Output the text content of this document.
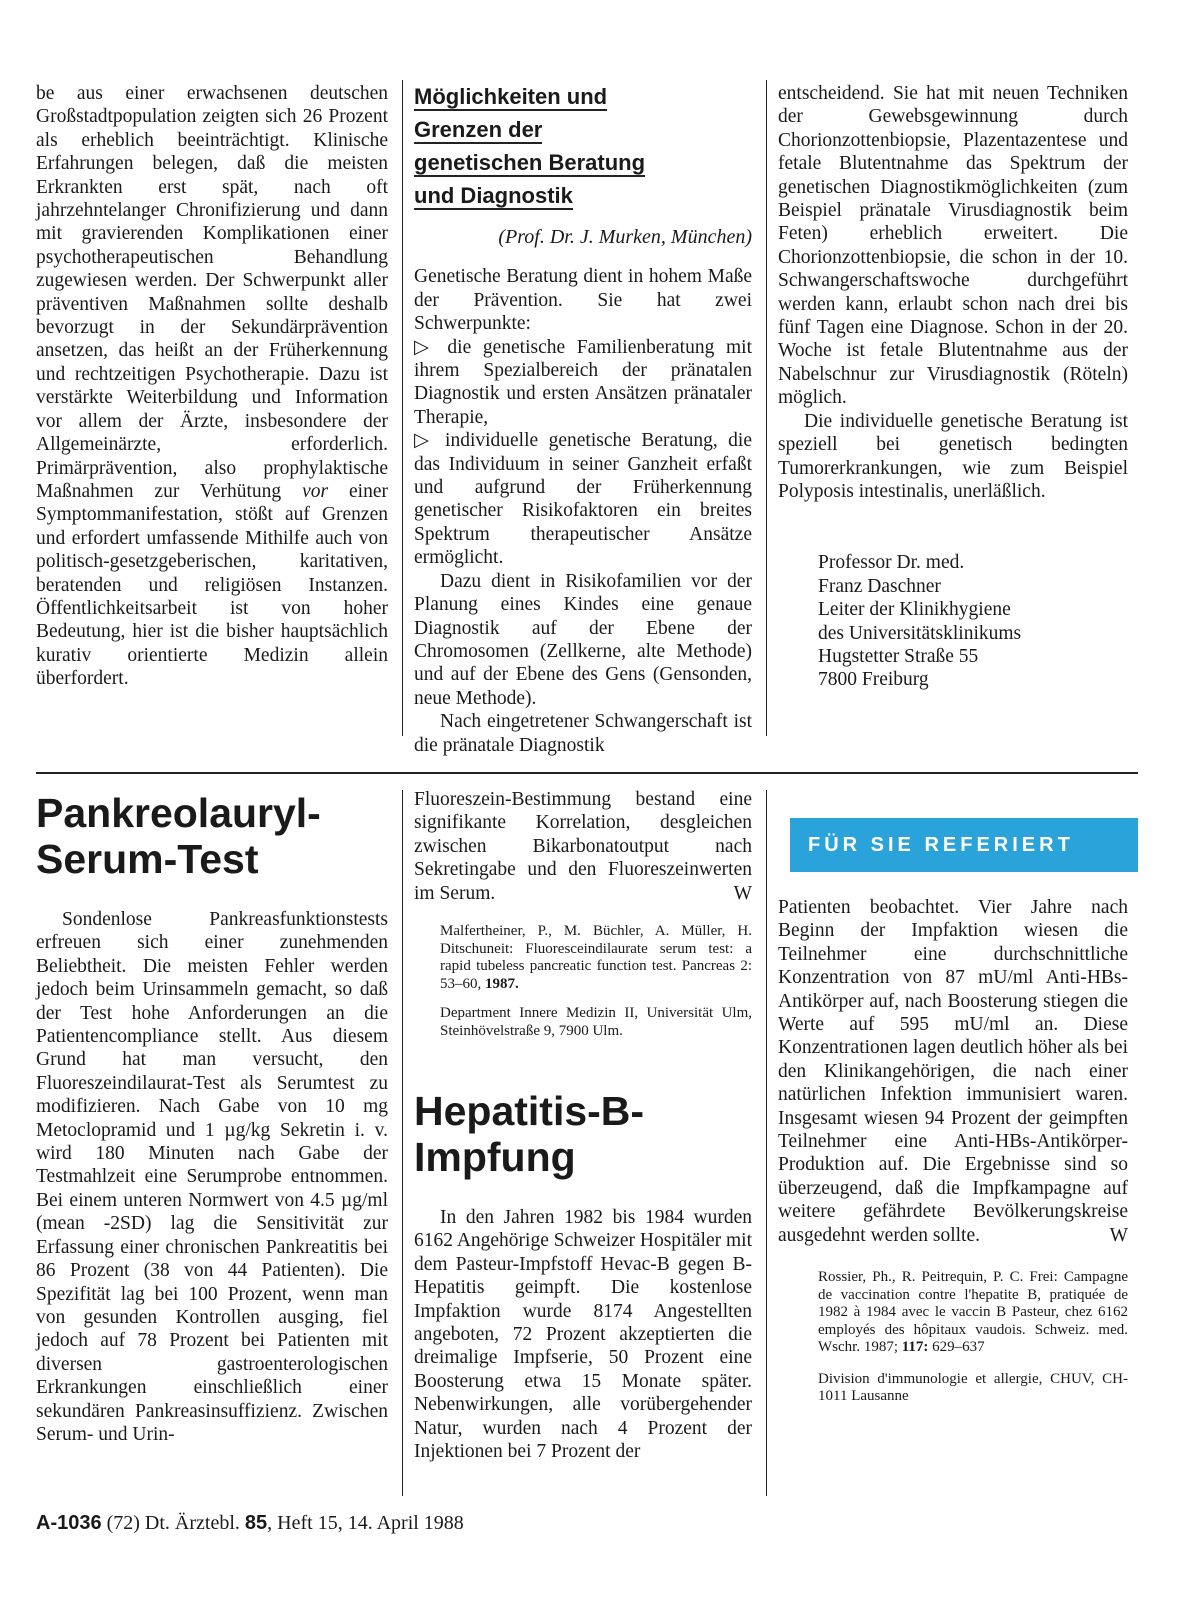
be aus einer erwachsenen deutschen Großstadtpopulation zeigten sich 26 Prozent als erheblich beeinträchtigt. Klinische Erfahrungen belegen, daß die meisten Erkrankten erst spät, nach oft jahrzehntelanger Chronifizierung und dann mit gravierenden Komplikationen einer psychotherapeutischen Behandlung zugewiesen werden. Der Schwerpunkt aller präventiven Maßnahmen sollte deshalb bevorzugt in der Sekundärprävention ansetzen, das heißt an der Früherkennung und rechtzeitigen Psychotherapie. Dazu ist verstärkte Weiterbildung und Information vor allem der Ärzte, insbesondere der Allgemeinärzte, erforderlich. Primärprävention, also prophylaktische Maßnahmen zur Verhütung vor einer Symptommanifestation, stößt auf Grenzen und erfordert umfassende Mithilfe auch von politisch-gesetzgeberischen, karitativen, beratenden und religiösen Instanzen. Öffentlichkeitsarbeit ist von hoher Bedeutung, hier ist die bisher hauptsächlich kurativ orientierte Medizin allein überfordert.

Möglichkeiten und
Grenzen der
genetischen Beratung
und Diagnostik
(Prof. Dr. J. Murken, München)

Genetische Beratung dient in hohem Maße der Prävention. Sie hat zwei Schwerpunkte:

▷ die genetische Familienberatung mit ihrem Spezialbereich der pränatalen Diagnostik und ersten Ansätzen pränataler Therapie,

▷ individuelle genetische Beratung, die das Individuum in seiner Ganzheit erfaßt und aufgrund der Früherkennung genetischer Risikofaktoren ein breites Spektrum therapeutischer Ansätze ermöglicht.

Dazu dient in Risikofamilien vor der Planung eines Kindes eine genaue Diagnostik auf der Ebene der Chromosomen (Zellkerne, alte Methode) und auf der Ebene des Gens (Gensonden, neue Methode).

Nach eingetretener Schwangerschaft ist die pränatale Diagnostik

entscheidend. Sie hat mit neuen Techniken der Gewebsgewinnung durch Chorionzottenbiopsie, Plazentazentese und fetale Blutentnahme das Spektrum der genetischen Diagnostikmöglichkeiten (zum Beispiel pränatale Virusdiagnostik beim Feten) erheblich erweitert. Die Chorionzottenbiopsie, die schon in der 10. Schwangerschaftswoche durchgeführt werden kann, erlaubt schon nach drei bis fünf Tagen eine Diagnose. Schon in der 20. Woche ist fetale Blutentnahme aus der Nabelschnur zur Virusdiagnostik (Röteln) möglich.

Die individuelle genetische Beratung ist speziell bei genetisch bedingten Tumorerkrankungen, wie zum Beispiel Polyposis intestinalis, unerläßlich.

Professor Dr. med.
Franz Daschner
Leiter der Klinikhygiene
des Universitätsklinikums
Hugstetter Straße 55
7800 Freiburg
Pankreolauryl-
Serum-Test

Sondenlose Pankreasfunktionstests erfreuen sich einer zunehmenden Beliebtheit. Die meisten Fehler werden jedoch beim Urinsammeln gemacht, so daß der Test hohe Anforderungen an die Patientencompliance stellt. Aus diesem Grund hat man versucht, den Fluoreszeindilaurat-Test als Serumtest zu modifizieren. Nach Gabe von 10 mg Metoclopramid und 1 µg/kg Sekretin i. v. wird 180 Minuten nach Gabe der Testmahlzeit eine Serumprobe entnommen. Bei einem unteren Normwert von 4.5 µg/ml (mean -2SD) lag die Sensitivität zur Erfassung einer chronischen Pankreatitis bei 86 Prozent (38 von 44 Patienten). Die Spezifität lag bei 100 Prozent, wenn man von gesunden Kontrollen ausging, fiel jedoch auf 78 Prozent bei Patienten mit diversen gastroenterologischen Erkrankungen einschließlich einer sekundären Pankreasinsuffizienz. Zwischen Serum- und Urin-

Fluoreszein-Bestimmung bestand eine signifikante Korrelation, desgleichen zwischen Bikarbonatoutput nach Sekretingabe und den Fluoreszeinwerten im Serum.	W

Malfertheiner, P., M. Büchler, A. Müller, H. Ditschuneit: Fluoresceindilaurate serum test: a rapid tubeless pancreatic function test. Pancreas 2: 53–60, 1987.

Department Innere Medizin II, Universität Ulm, Steinhövelstraße 9, 7900 Ulm.

Hepatitis-B-
Impfung

In den Jahren 1982 bis 1984 wurden 6162 Angehörige Schweizer Hospitäler mit dem Pasteur-Impfstoff Hevac-B gegen B-Hepatitis geimpft. Die kostenlose Impfaktion wurde 8174 Angestellten angeboten, 72 Prozent akzeptierten die dreimalige Impfserie, 50 Prozent eine Boosterung etwa 15 Monate später. Nebenwirkungen, alle vorübergehender Natur, wurden nach 4 Prozent der Injektionen bei 7 Prozent der

FÜR SIE REFERIERT

Patienten beobachtet. Vier Jahre nach Beginn der Impfaktion wiesen die Teilnehmer eine durchschnittliche Konzentration von 87 mU/ml Anti-HBs-Antikörper auf, nach Boosterung stiegen die Werte auf 595 mU/ml an. Diese Konzentrationen lagen deutlich höher als bei den Klinikangehörigen, die nach einer natürlichen Infektion immunisiert waren. Insgesamt wiesen 94 Prozent der geimpften Teilnehmer eine Anti-HBs-Antikörper-Produktion auf. Die Ergebnisse sind so überzeugend, daß die Impfkampagne auf weitere gefährdete Bevölkerungskreise ausgedehnt werden sollte.	W

Rossier, Ph., R. Peitrequin, P. C. Frei: Campagne de vaccination contre l'hepatite B, pratiquée de 1982 à 1984 avec le vaccin B Pasteur, chez 6162 employés des hôpitaux vaudois. Schweiz. med. Wschr. 1987; 117: 629–637

Division d'immunologie et allergie, CHUV, CH-1011 Lausanne

A-1036 (72) Dt. Ärztebl. 85, Heft 15, 14. April 1988
